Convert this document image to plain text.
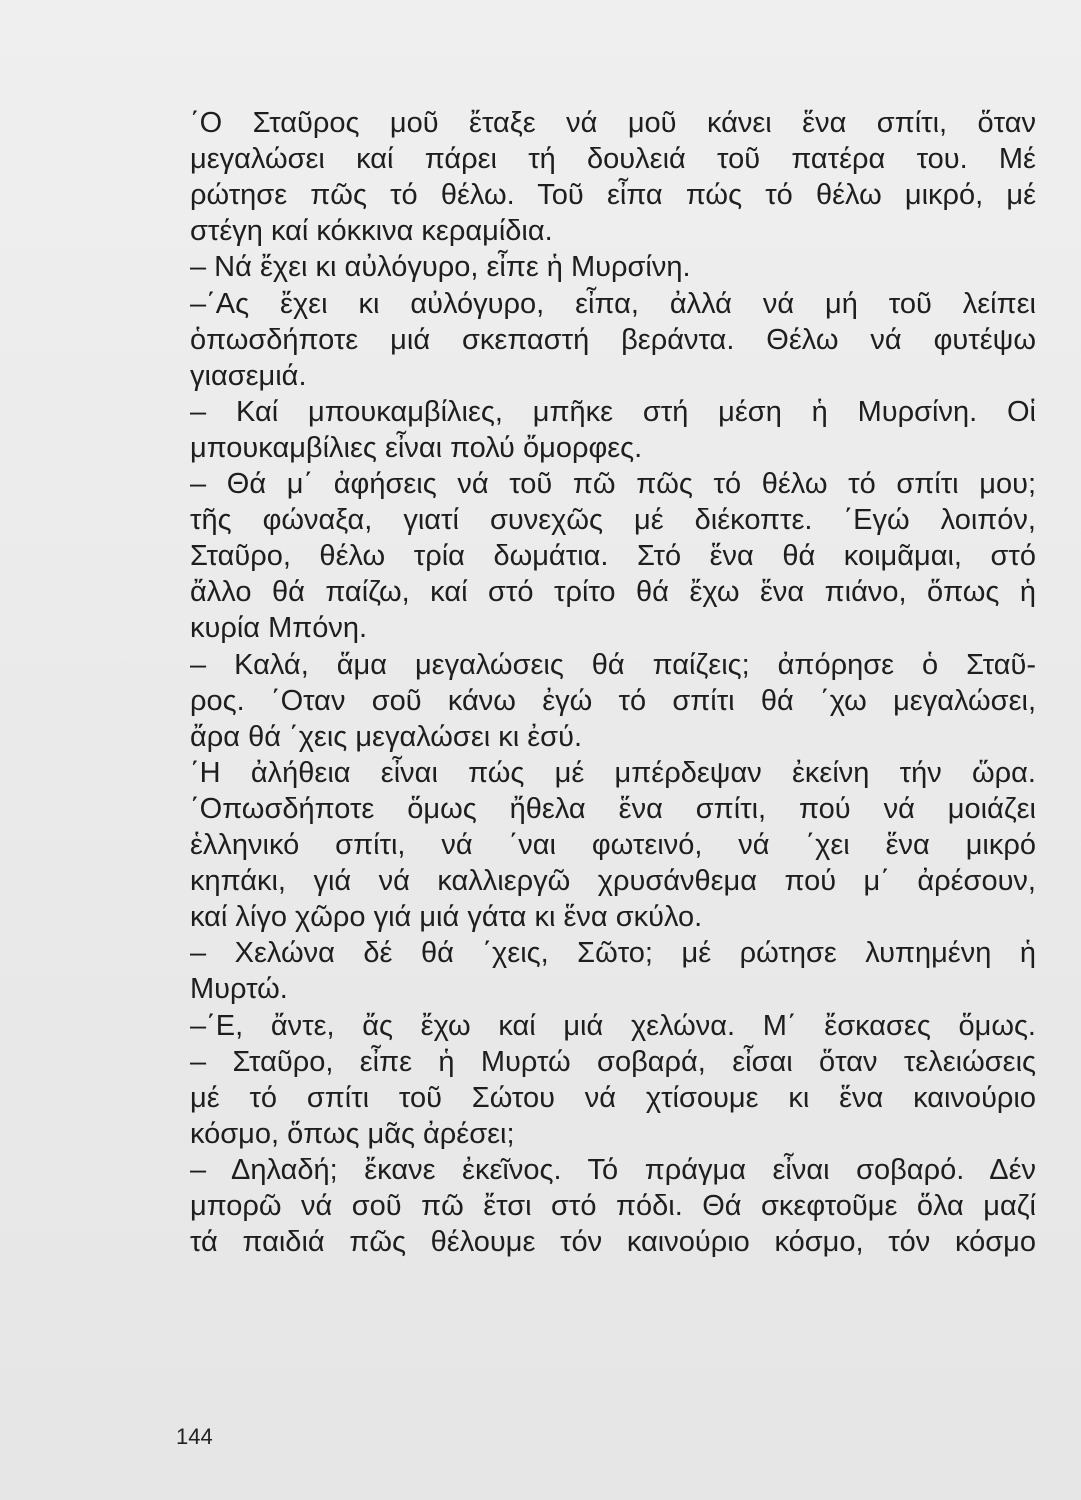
΄Ο Σταῦρος μοῦ ἔταξε νά μοῦ κάνει ἕνα σπίτι, ὅταν
μεγαλώσει καί πάρει τή δουλειά τοῦ πατέρα του. Μέ
ρώτησε πῶς τό θέλω. Τοῦ εἶπα πώς τό θέλω μικρό, μέ
στέγη καί κόκκινα κεραμίδια.
– Νά ἔχει κι αὐλόγυρο, εἶπε ἡ Μυρσίνη.
–΄Ας ἔχει κι αὐλόγυρο, εἶπα, ἀλλά νά μή τοῦ λείπει
ὁπωσδήποτε μιά σκεπαστή βεράντα. Θέλω νά φυτέψω
γιασεμιά.
– Καί μπουκαμβίλιες, μπῆκε στή μέση ἡ Μυρσίνη. Οἱ
μπουκαμβίλιες εἶναι πολύ ὄμορφες.
– Θά μ΄ ἀφήσεις νά τοῦ πῶ πῶς τό θέλω τό σπίτι μου;
τῆς φώναξα, γιατί συνεχῶς μέ διέκοπτε. ΄Εγώ λοιπόν,
Σταῦρο, θέλω τρία δωμάτια. Στό ἕνα θά κοιμᾶμαι, στό
ἄλλο θά παίζω, καί στό τρίτο θά ἔχω ἕνα πιάνο, ὅπως ἡ
κυρία Μπόνη.
– Καλά, ἅμα μεγαλώσεις θά παίζεις; ἀπόρησε ὁ Σταῦ-
ρος. ΄Οταν σοῦ κάνω ἐγώ τό σπίτι θά ΄χω μεγαλώσει,
ἄρα θά ΄χεις μεγαλώσει κι ἐσύ.
΄Η ἀλήθεια εἶναι πώς μέ μπέρδεψαν ἐκείνη τήν ὥρα.
΄Οπωσδήποτε ὅμως ἤθελα ἕνα σπίτι, πού νά μοιάζει
ἑλληνικό σπίτι, νά ΄ναι φωτεινό, νά ΄χει ἕνα μικρό
κηπάκι, γιά νά καλλιεργῶ χρυσάνθεμα πού μ΄ ἀρέσουν,
καί λίγο χῶρο γιά μιά γάτα κι ἕνα σκύλο.
– Χελώνα δέ θά ΄χεις, Σῶτο; μέ ρώτησε λυπημένη ἡ
Μυρτώ.
–΄Ε, ἄντε, ἄς ἔχω καί μιά χελώνα. Μ΄ ἔσκασες ὅμως.
– Σταῦρο, εἶπε ἡ Μυρτώ σοβαρά, εἶσαι ὅταν τελειώσεις
μέ τό σπίτι τοῦ Σώτου νά χτίσουμε κι ἕνα καινούριο
κόσμο, ὅπως μᾶς ἀρέσει;
– Δηλαδή; ἔκανε ἐκεῖνος. Τό πράγμα εἶναι σοβαρό. Δέν
μπορῶ νά σοῦ πῶ ἔτσι στό πόδι. Θά σκεφτοῦμε ὅλα μαζί
τά παιδιά πῶς θέλουμε τόν καινούριο κόσμο, τόν κόσμο
144
